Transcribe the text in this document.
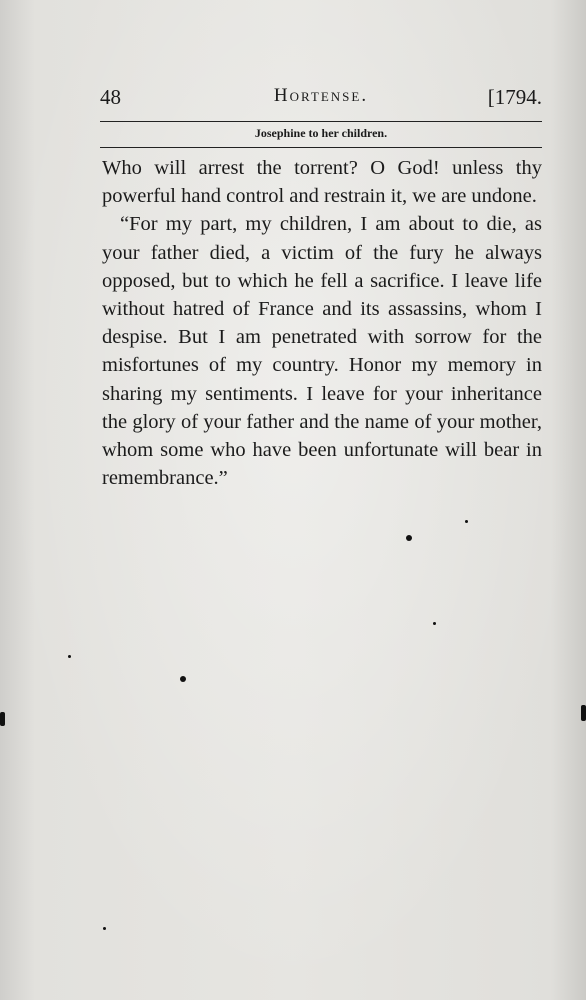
48	Hortense.	[1794.
Josephine to her children.

Who will arrest the torrent? O God! unless thy powerful hand control and restrain it, we are undone.

“For my part, my children, I am about to die, as your father died, a victim of the fury he always opposed, but to which he fell a sacrifice. I leave life without hatred of France and its assassins, whom I despise. But I am penetrated with sorrow for the misfortunes of my country. Honor my memory in sharing my sentiments. I leave for your inheritance the glory of your father and the name of your mother, whom some who have been unfortunate will bear in remembrance.”
